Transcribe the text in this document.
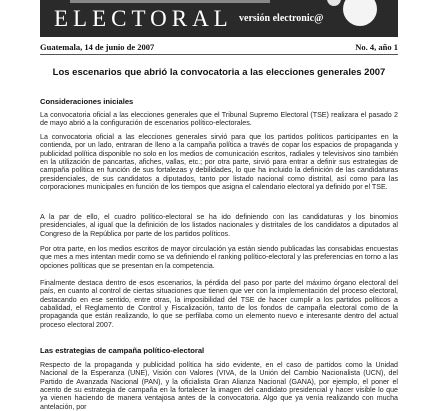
ELECTORAL versión electronic@
Guatemala, 14 de junio de 2007	No. 4, año 1
Los escenarios que abrió la convocatoria a las elecciones generales 2007
Consideraciones iniciales

La convocatoria oficial a las elecciones generales que el Tribunal Supremo Electoral (TSE) realizara el pasado 2 de mayo abrió a la configuración de escenarios político-electorales.

La convocatoria oficial a las elecciones generales sirvió para que los partidos políticos participantes en la contienda, por un lado, entraran de lleno a la campaña política a través de copar los espacios de propaganda y publicidad política disponible no solo en los medios de comunicación escritos, radiales y televisivos sino también en la utilización de pancartas, afiches, vallas, etc.; por otra parte, sirvió para entrar a definir sus estrategias de campaña política en función de sus fortalezas y debilidades, lo que ha incluido la definición de las candidaturas presidenciales, de sus candidatos a diputados, tanto por listado nacional como distrital, así como para las corporaciones municipales en función de los tiempos que asigna el calendario electoral ya definido por el TSE.

A la par de ello, el cuadro político-electoral se ha ido definiendo con las candidaturas y los binomios presidenciales, al igual que la definición de los listados nacionales y distritales de los candidatos a diputados al Congreso de la República por parte de los partidos políticos.

Por otra parte, en los medios escritos de mayor circulación ya están siendo publicadas las consabidas encuestas que mes a mes intentan medir como se va definiendo el ranking político-electoral y las preferencias en torno a las opciones políticas que se presentan en la competencia.

Finalmente destaca dentro de esos escenarios, la pérdida del paso por parte del máximo órgano electoral del país, en cuanto al control de ciertas situaciones que tienen que ver con la implementación del proceso electoral, destacando en ese sentido, entre otras, la imposibilidad del TSE de hacer cumplir a los partidos políticos a cabalidad, el Reglamento de Control y Fiscalización, tanto de los fondos de campaña electoral como de la propaganda que están realizando, lo que se perfilaba como un elemento nuevo e interesante dentro del actual proceso electoral 2007.

Las estrategias de campaña político-electoral

Respecto de la propaganda y publicidad política ha sido evidente, en el caso de partidos como la Unidad Nacional de la Esperanza (UNE), Visión con Valores (VIVA, de la Unión del Cambio Nacionalista (UCN), del Partido de Avanzada Nacional (PAN), y la oficialista Gran Alianza Nacional (GANA), por ejemplo, el poner el acento de su estrategia de campaña en la fortalecer la imagen del candidato presidencial y hacer visible lo que ya vienen haciendo de manera ventajosa antes de la convocatoria. Algo que ya venía realizando con mucha antelación, por
